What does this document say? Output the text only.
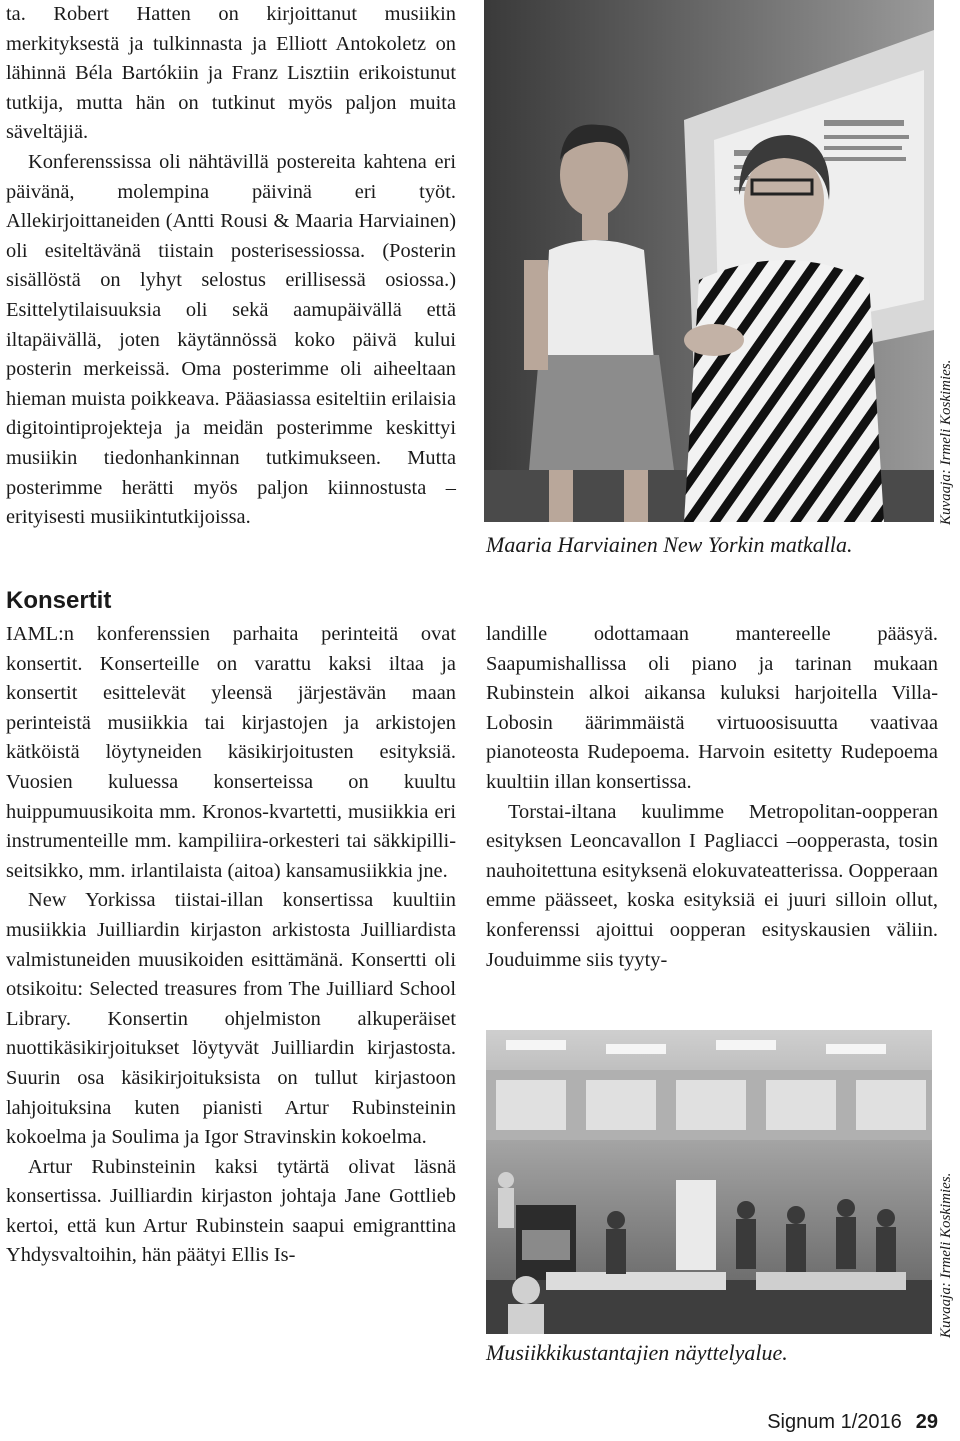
ta. Robert Hatten on kirjoittanut musiikin merkityksestä ja tulkinnasta ja Elliott Antokoletz on lähinnä Béla Bartókiin ja Franz Lisztiin erikoistunut tutkija, mutta hän on tutkinut myös paljon muita säveltäjiä.

Konferenssissa oli nähtävillä postereita kahtena eri päivänä, molempina päivinä eri työt. Allekirjoittaneiden (Antti Rousi & Maaria Harviainen) oli esiteltävänä tiistain posterisessiossa. (Posterin sisällöstä on lyhyt selostus erillisessä osiossa.) Esittelytilaisuuksia oli sekä aamupäivällä että iltapäivällä, joten käytännössä koko päivä kului posterin merkeissä. Oma posterimme oli aiheeltaan hieman muista poikkeava. Pääasiassa esiteltiin erilaisia digitointiprojekteja ja meidän posterimme keskittyi musiikin tiedonhankinnan tutkimukseen. Mutta posterimme herätti myös paljon kiinnostusta – erityisesti musiikintutkijoissa.

Maaria Harviainen New Yorkin matkalla.
Kuvaaja: Irmeli Koskimies.
Konsertit

IAML:n konferenssien parhaita perinteitä ovat konsertit. Konserteille on varattu kaksi iltaa ja konsertit esittelevät yleensä järjestävän maan perinteistä musiikkia tai kirjastojen ja arkistojen kätköistä löytyneiden käsikirjoitusten esityksiä. Vuosien kuluessa konserteissa on kuultu huippumuusikoita mm. Kronos-kvartetti, musiikkia eri instrumenteille mm. kampiliira-orkesteri tai säkkipilli-seitsikko, mm. irlantilaista (aitoa) kansamusiikkia jne.

New Yorkissa tiistai-illan konsertissa kuultiin musiikkia Juilliardin kirjaston arkistosta Juilliardista valmistuneiden muusikoiden esittämänä. Konsertti oli otsikoitu: Selected treasures from The Juilliard School Library. Konsertin ohjelmiston alkuperäiset nuottikäsikirjoitukset löytyvät Juilliardin kirjastosta. Suurin osa käsikirjoituksista on tullut kirjastoon lahjoituksina kuten pianisti Artur Rubinsteinin kokoelma ja Soulima ja Igor Stravinskin kokoelma.

Artur Rubinsteinin kaksi tytärtä olivat läsnä konsertissa. Juilliardin kirjaston johtaja Jane Gottlieb kertoi, että kun Artur Rubinstein saapui emigranttina Yhdysvaltoihin, hän päätyi Ellis Is-

landille odottamaan mantereelle pääsyä. Saapumishallissa oli piano ja tarinan mukaan Rubinstein alkoi aikansa kuluksi harjoitella Villa-Lobosin äärimmäistä virtuoosisuutta vaativaa pianoteosta Rudepoema. Harvoin esitetty Rudepoema kuultiin illan konsertissa.

Torstai-iltana kuulimme Metropolitan-oopperan esityksen Leoncavallon I Pagliacci –oopperasta, tosin nauhoitettuna esityksenä elokuvateatterissa. Oopperaan emme päässeet, koska esityksiä ei juuri silloin ollut, konferenssi ajoittui oopperan esityskausien väliin. Jouduimme siis tyyty-

Musiikkikustantajien näyttelyalue.
Kuvaaja: Irmeli Koskimies.
Signum 1/2016 29
